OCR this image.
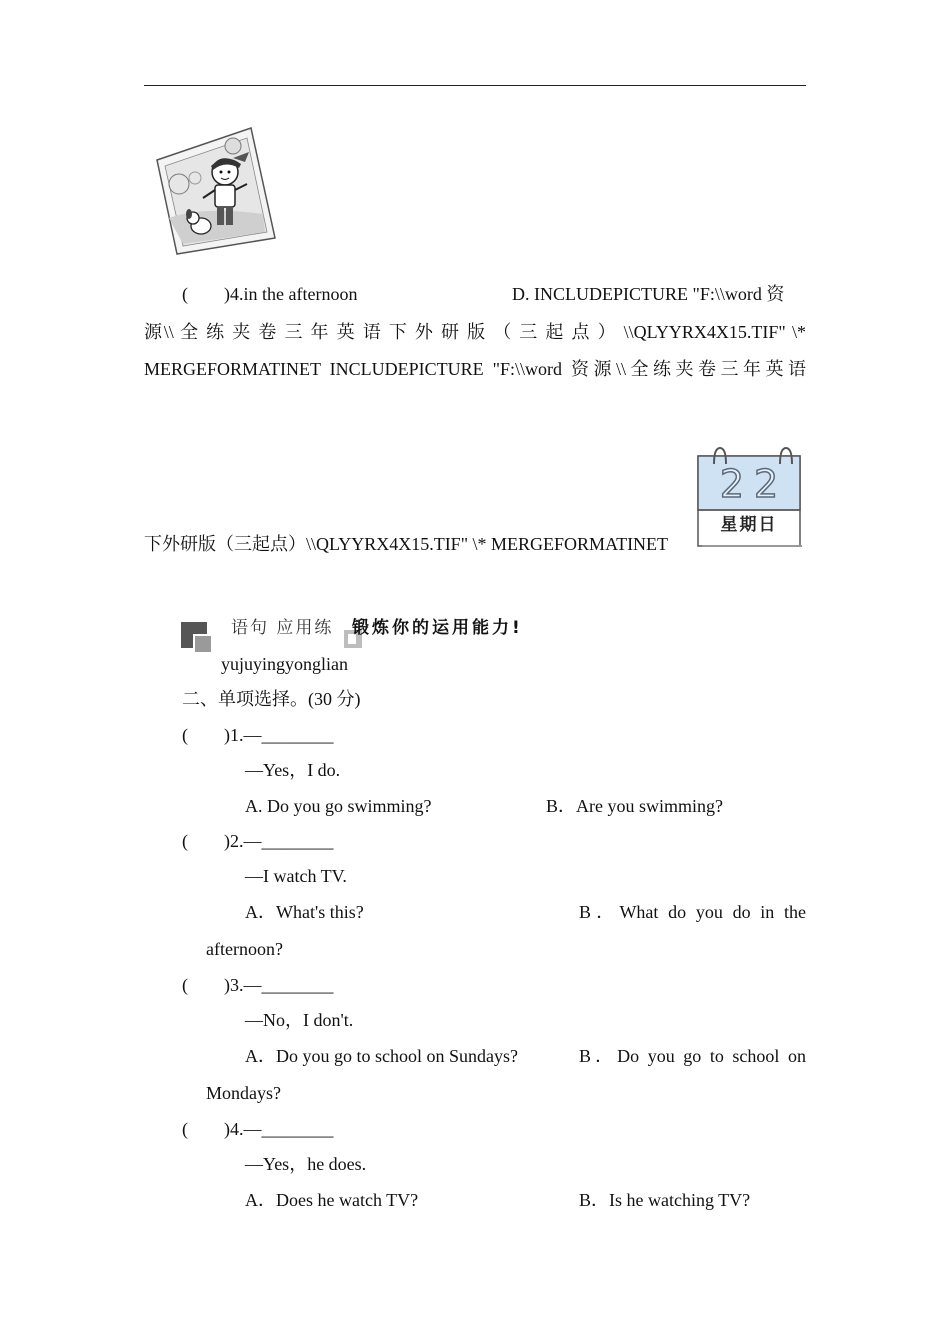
(　　)4.in the afternoon	D. INCLUDEPICTURE "F:\\word 资
源\\ 全 练 夹 卷 三 年 英 语 下 外 研 版 （ 三 起 点 ） \\QLYYRX4X15.TIF" \*
MERGEFORMATINET INCLUDEPICTURE "F:\\word 资源\\全练夹卷三年英语
下外研版（三起点）\\QLYYRX4X15.TIF" \* MERGEFORMATINET
22
星期日
语句 应用练 锻炼你的运用能力!
yujuyingyonglian
二、单项选择。(30 分)
(　　)1.—________
—Yes，I do.
A. Do you go swimming?	B．Are you swimming?
(　　)2.—________
—I watch TV.
A．What's this?	B．What do you do in the
afternoon?
(　　)3.—________
—No，I don't.
A．Do you go to school on Sundays?	B．Do you go to school on
Mondays?
(　　)4.—________
—Yes，he does.
A．Does he watch TV?	B．Is he watching TV?
